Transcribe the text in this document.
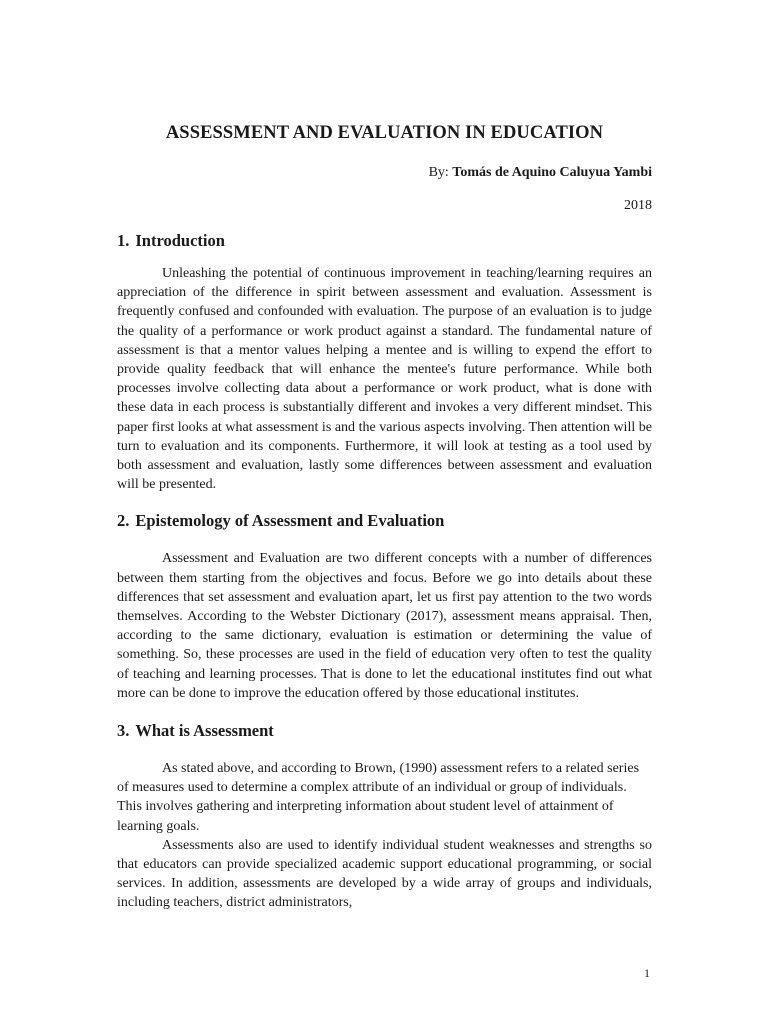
ASSESSMENT AND EVALUATION IN EDUCATION
By: Tomás de Aquino Caluyua Yambi
2018
1. Introduction

Unleashing the potential of continuous improvement in teaching/learning requires an appreciation of the difference in spirit between assessment and evaluation. Assessment is frequently confused and confounded with evaluation. The purpose of an evaluation is to judge the quality of a performance or work product against a standard. The fundamental nature of assessment is that a mentor values helping a mentee and is willing to expend the effort to provide quality feedback that will enhance the mentee's future performance. While both processes involve collecting data about a performance or work product, what is done with these data in each process is substantially different and invokes a very different mindset. This paper first looks at what assessment is and the various aspects involving. Then attention will be turn to evaluation and its components. Furthermore, it will look at testing as a tool used by both assessment and evaluation, lastly some differences between assessment and evaluation will be presented.

2. Epistemology of Assessment and Evaluation

Assessment and Evaluation are two different concepts with a number of differences between them starting from the objectives and focus. Before we go into details about these differences that set assessment and evaluation apart, let us first pay attention to the two words themselves. According to the Webster Dictionary (2017), assessment means appraisal. Then, according to the same dictionary, evaluation is estimation or determining the value of something. So, these processes are used in the field of education very often to test the quality of teaching and learning processes. That is done to let the educational institutes find out what more can be done to improve the education offered by those educational institutes.

3. What is Assessment

As stated above, and according to Brown, (1990) assessment refers to a related series of measures used to determine a complex attribute of an individual or group of individuals. This involves gathering and interpreting information about student level of attainment of learning goals.

Assessments also are used to identify individual student weaknesses and strengths so that educators can provide specialized academic support educational programming, or social services. In addition, assessments are developed by a wide array of groups and individuals, including teachers, district administrators,

1
